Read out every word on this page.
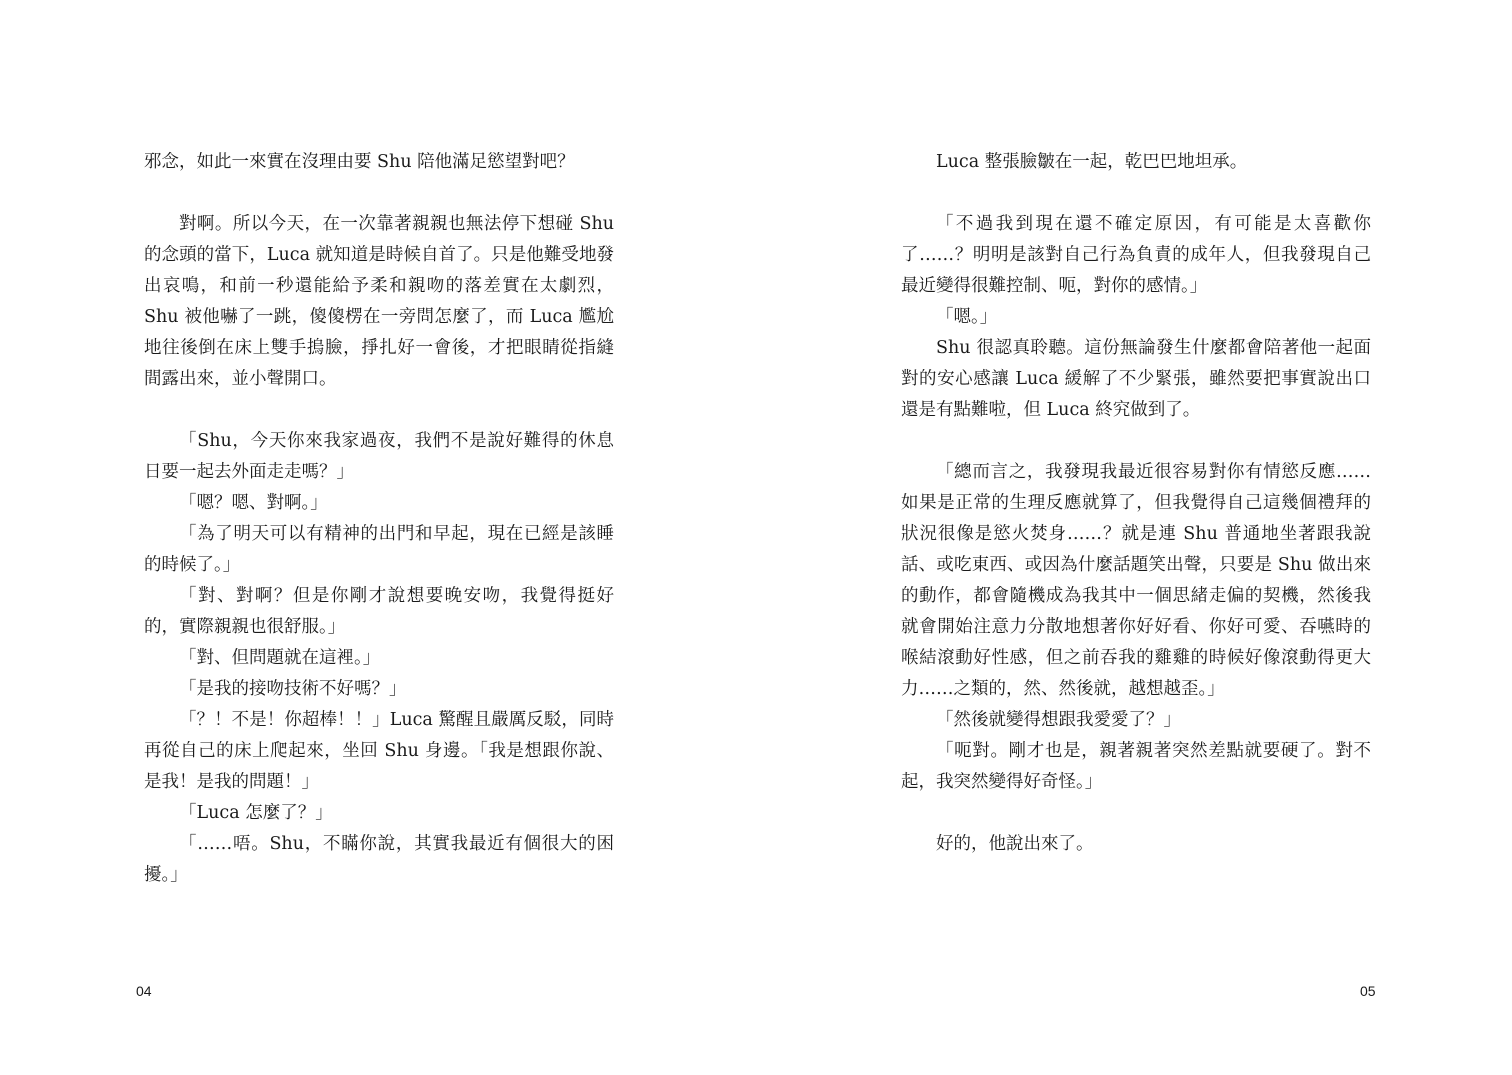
邪念，如此一來實在沒理由要 Shu 陪他滿足慾望對吧？

對啊。所以今天，在一次靠著親親也無法停下想碰 Shu 的念頭的當下，Luca 就知道是時候自首了。只是他難受地發出哀鳴，和前一秒還能給予柔和親吻的落差實在太劇烈，Shu 被他嚇了一跳，傻傻楞在一旁問怎麼了，而 Luca 尷尬地往後倒在床上雙手摀臉，掙扎好一會後，才把眼睛從指縫間露出來，並小聲開口。

「Shu，今天你來我家過夜，我們不是說好難得的休息日要一起去外面走走嗎？」

「嗯？嗯、對啊。」

「為了明天可以有精神的出門和早起，現在已經是該睡的時候了。」

「對、對啊？但是你剛才說想要晚安吻，我覺得挺好的，實際親親也很舒服。」

「對、但問題就在這裡。」

「是我的接吻技術不好嗎？」

「？！不是！你超棒！！」Luca 驚醒且嚴厲反駁，同時再從自己的床上爬起來，坐回 Shu 身邊。「我是想跟你說、是我！是我的問題！」

「Luca 怎麼了？」

「……唔。Shu，不瞞你說，其實我最近有個很大的困擾。」

04

Luca 整張臉皺在一起，乾巴巴地坦承。

「不過我到現在還不確定原因，有可能是太喜歡你了……？明明是該對自己行為負責的成年人，但我發現自己最近變得很難控制、呃，對你的感情。」

「嗯。」

Shu 很認真聆聽。這份無論發生什麼都會陪著他一起面對的安心感讓 Luca 緩解了不少緊張，雖然要把事實說出口還是有點難啦，但 Luca 終究做到了。

「總而言之，我發現我最近很容易對你有情慾反應……如果是正常的生理反應就算了，但我覺得自己這幾個禮拜的狀況很像是慾火焚身……？就是連 Shu 普通地坐著跟我說話、或吃東西、或因為什麼話題笑出聲，只要是 Shu 做出來的動作，都會隨機成為我其中一個思緒走偏的契機，然後我就會開始注意力分散地想著你好好看、你好可愛、吞嚥時的喉結滾動好性感，但之前吞我的雞雞的時候好像滾動得更大力……之類的，然、然後就，越想越歪。」

「然後就變得想跟我愛愛了？」

「呃對。剛才也是，親著親著突然差點就要硬了。對不起，我突然變得好奇怪。」

好的，他說出來了。

05
